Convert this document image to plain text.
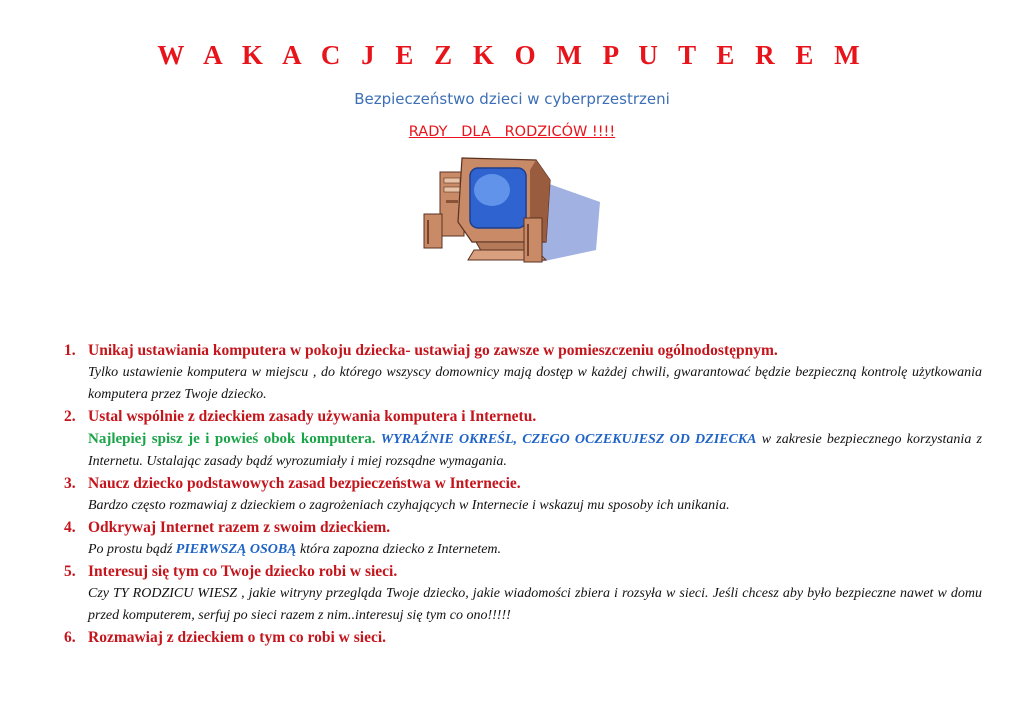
W A K A C J E Z K O M P U T E R E M
Bezpieczeństwo dzieci w cyberprzestrzeni
RADY   DLA   RODZICÓW !!!!
1. Unikaj ustawiania komputera w pokoju dziecka- ustawiaj go zawsze w pomieszczeniu ogólnodostępnym.
Tylko ustawienie komputera w miejscu , do którego wszyscy domownicy mają dostęp w każdej chwili, gwarantować będzie bezpieczną kontrolę użytkowania komputera przez Twoje dziecko.
2. Ustal wspólnie z dzieckiem zasady używania komputera i Internetu.
Najlepiej spisz je i powieś obok komputera. WYRAŹNIE OKREŚL, CZEGO OCZEKUJESZ OD DZIECKA w zakresie bezpiecznego korzystania z Internetu. Ustalając zasady bądź wyrozumiały i miej rozsądne wymagania.
3. Naucz dziecko podstawowych zasad bezpieczeństwa w Internecie.
Bardzo często rozmawiaj z dzieckiem o zagrożeniach czyhających w Internecie i wskazuj mu sposoby ich unikania.
4. Odkrywaj Internet razem z swoim dzieckiem.
Po prostu bądź PIERWSZĄ OSOBĄ która zapozna dziecko z Internetem.
5. Interesuj się tym co Twoje dziecko robi w sieci.
Czy TY RODZICU WIESZ , jakie witryny przegląda Twoje dziecko, jakie wiadomości zbiera i rozsyła w sieci. Jeśli chcesz aby było bezpieczne nawet w domu przed komputerem, serfuj po sieci razem z nim..interesuj się tym co ono!!!!!
6. Rozmawiaj z dzieckiem o tym co robi w sieci.
